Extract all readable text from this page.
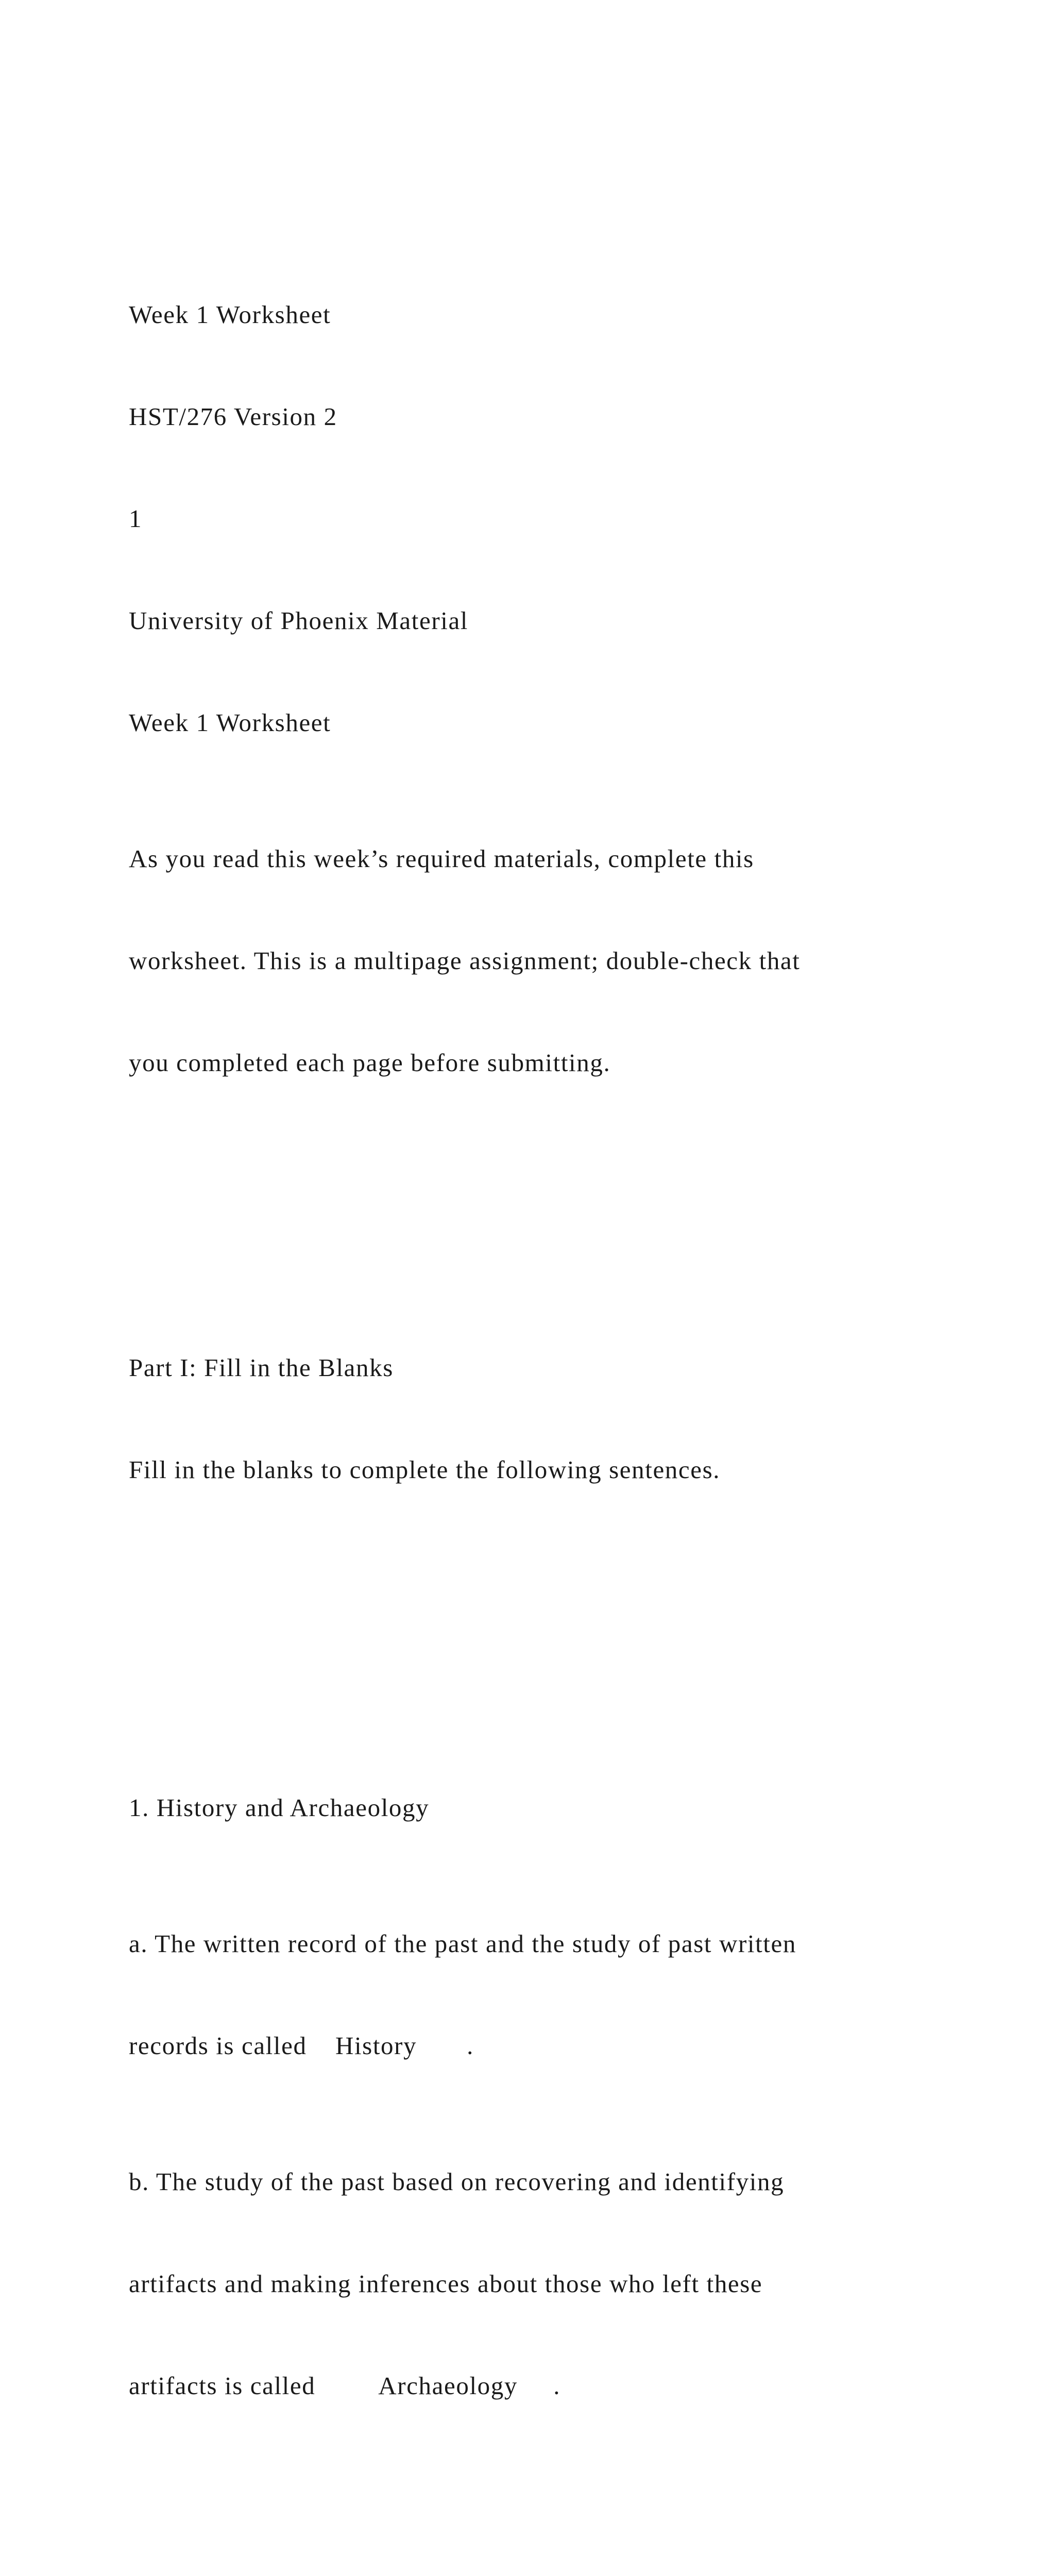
Week 1 Worksheet

HST/276 Version 2

1

University of Phoenix Material

Week 1 Worksheet

As you read this week’s required materials, complete this

worksheet. This is a multipage assignment; double-check that

you completed each page before submitting.

Part I: Fill in the Blanks

Fill in the blanks to complete the following sentences.

1. History and Archaeology

a. The written record of the past and the study of past written

records is called    History       .

b. The study of the past based on recovering and identifying

artifacts and making inferences about those who left these

artifacts is called         Archaeology     .
